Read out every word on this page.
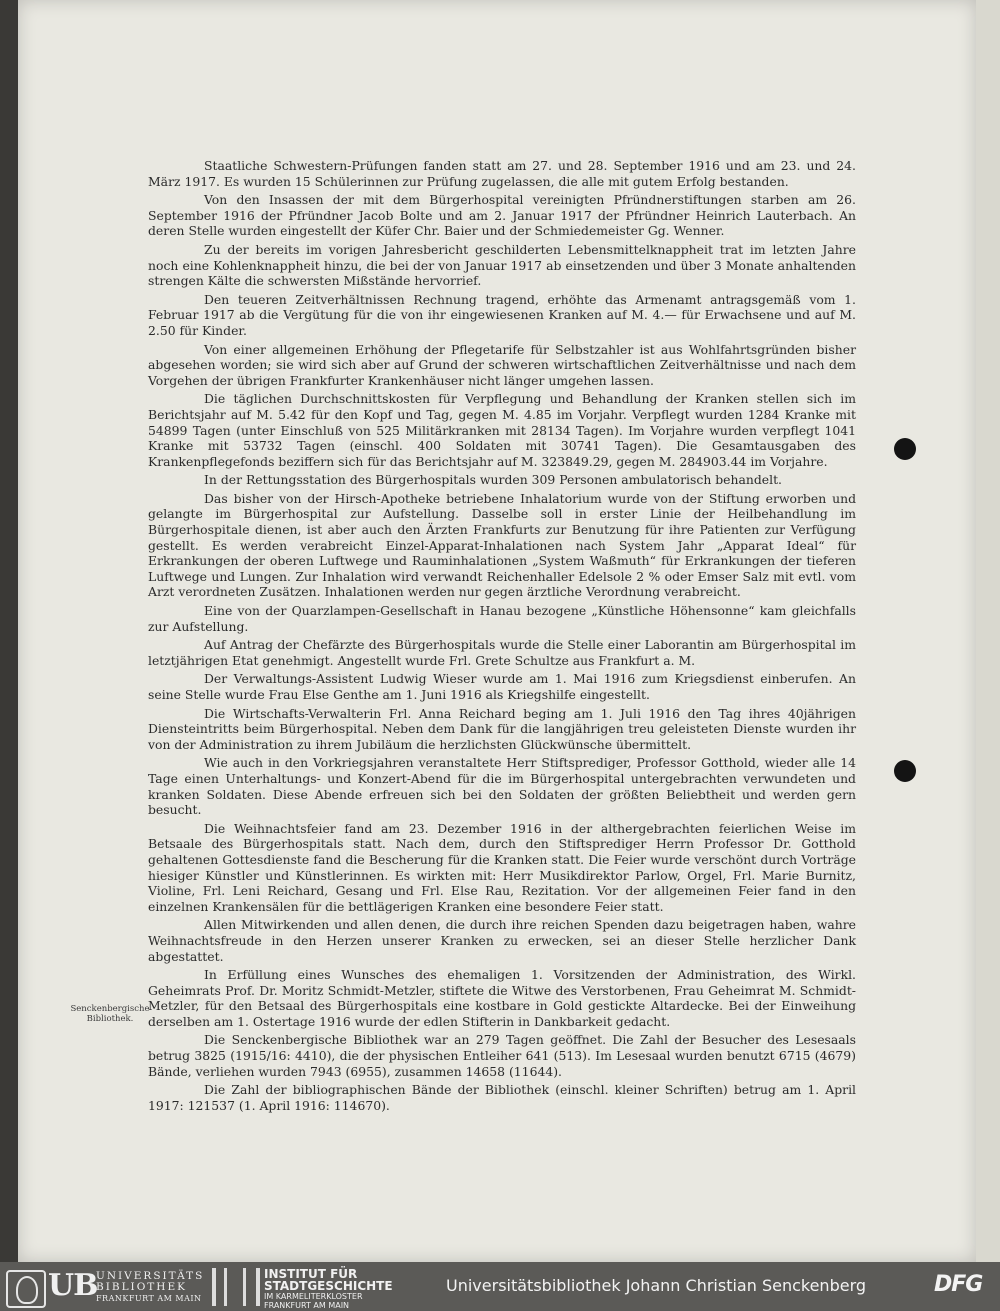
Staatliche Schwestern-Prüfungen fanden statt am 27. und 28. September 1916 und am 23. und 24. März 1917. Es wurden 15 Schülerinnen zur Prüfung zugelassen, die alle mit gutem Erfolg bestanden.

Von den Insassen der mit dem Bürgerhospital vereinigten Pfründnerstiftungen starben am 26. September 1916 der Pfründner Jacob Bolte und am 2. Januar 1917 der Pfründner Heinrich Lauterbach. An deren Stelle wurden eingestellt der Küfer Chr. Baier und der Schmiedemeister Gg. Wenner.

Zu der bereits im vorigen Jahresbericht geschilderten Lebensmittelknappheit trat im letzten Jahre noch eine Kohlenknappheit hinzu, die bei der von Januar 1917 ab einsetzenden und über 3 Monate anhaltenden strengen Kälte die schwersten Mißstände hervorrief.

Den teueren Zeitverhältnissen Rechnung tragend, erhöhte das Armenamt antragsgemäß vom 1. Februar 1917 ab die Vergütung für die von ihr eingewiesenen Kranken auf M. 4.— für Erwachsene und auf M. 2.50 für Kinder.

Von einer allgemeinen Erhöhung der Pflegetarife für Selbstzahler ist aus Wohlfahrtsgründen bisher abgesehen worden; sie wird sich aber auf Grund der schweren wirtschaftlichen Zeitverhältnisse und nach dem Vorgehen der übrigen Frankfurter Krankenhäuser nicht länger umgehen lassen.

Die täglichen Durchschnittskosten für Verpflegung und Behandlung der Kranken stellen sich im Berichtsjahr auf M. 5.42 für den Kopf und Tag, gegen M. 4.85 im Vorjahr. Verpflegt wurden 1284 Kranke mit 54899 Tagen (unter Einschluß von 525 Militärkranken mit 28134 Tagen). Im Vorjahre wurden verpflegt 1041 Kranke mit 53732 Tagen (einschl. 400 Soldaten mit 30741 Tagen). Die Gesamtausgaben des Krankenpflegefonds beziffern sich für das Berichtsjahr auf M. 323849.29, gegen M. 284903.44 im Vorjahre.

In der Rettungsstation des Bürgerhospitals wurden 309 Personen ambulatorisch behandelt.

Das bisher von der Hirsch-Apotheke betriebene Inhalatorium wurde von der Stiftung erworben und gelangte im Bürgerhospital zur Aufstellung. Dasselbe soll in erster Linie der Heilbehandlung im Bürgerhospitale dienen, ist aber auch den Ärzten Frankfurts zur Benutzung für ihre Patienten zur Verfügung gestellt. Es werden verabreicht Einzel-Apparat-Inhalationen nach System Jahr „Apparat Ideal“ für Erkrankungen der oberen Luftwege und Rauminhalationen „System Waßmuth“ für Erkrankungen der tieferen Luftwege und Lungen. Zur Inhalation wird verwandt Reichenhaller Edelsole 2 % oder Emser Salz mit evtl. vom Arzt verordneten Zusätzen. Inhalationen werden nur gegen ärztliche Verordnung verabreicht.

Eine von der Quarzlampen-Gesellschaft in Hanau bezogene „Künstliche Höhensonne“ kam gleichfalls zur Aufstellung.

Auf Antrag der Chefärzte des Bürgerhospitals wurde die Stelle einer Laborantin am Bürgerhospital im letztjährigen Etat genehmigt. Angestellt wurde Frl. Grete Schultze aus Frankfurt a. M.

Der Verwaltungs-Assistent Ludwig Wieser wurde am 1. Mai 1916 zum Kriegsdienst einberufen. An seine Stelle wurde Frau Else Genthe am 1. Juni 1916 als Kriegshilfe eingestellt.

Die Wirtschafts-Verwalterin Frl. Anna Reichard beging am 1. Juli 1916 den Tag ihres 40jährigen Diensteintritts beim Bürgerhospital. Neben dem Dank für die langjährigen treu geleisteten Dienste wurden ihr von der Administration zu ihrem Jubiläum die herzlichsten Glückwünsche übermittelt.

Wie auch in den Vorkriegsjahren veranstaltete Herr Stiftsprediger, Professor Gotthold, wieder alle 14 Tage einen Unterhaltungs- und Konzert-Abend für die im Bürgerhospital untergebrachten verwundeten und kranken Soldaten. Diese Abende erfreuen sich bei den Soldaten der größten Beliebtheit und werden gern besucht.

Die Weihnachtsfeier fand am 23. Dezember 1916 in der althergebrachten feierlichen Weise im Betsaale des Bürgerhospitals statt. Nach dem, durch den Stiftsprediger Herrn Professor Dr. Gotthold gehaltenen Gottesdienste fand die Bescherung für die Kranken statt. Die Feier wurde verschönt durch Vorträge hiesiger Künstler und Künstlerinnen. Es wirkten mit: Herr Musikdirektor Parlow, Orgel, Frl. Marie Burnitz, Violine, Frl. Leni Reichard, Gesang und Frl. Else Rau, Rezitation. Vor der allgemeinen Feier fand in den einzelnen Krankensälen für die bettlägerigen Kranken eine besondere Feier statt.

Allen Mitwirkenden und allen denen, die durch ihre reichen Spenden dazu beigetragen haben, wahre Weihnachtsfreude in den Herzen unserer Kranken zu erwecken, sei an dieser Stelle herzlicher Dank abgestattet.

In Erfüllung eines Wunsches des ehemaligen 1. Vorsitzenden der Administration, des Wirkl. Geheimrats Prof. Dr. Moritz Schmidt-Metzler, stiftete die Witwe des Verstorbenen, Frau Geheimrat M. Schmidt-Metzler, für den Betsaal des Bürgerhospitals eine kostbare in Gold gestickte Altardecke. Bei der Einweihung derselben am 1. Ostertage 1916 wurde der edlen Stifterin in Dankbarkeit gedacht.

Die Senckenbergische Bibliothek war an 279 Tagen geöffnet. Die Zahl der Besucher des Lesesaals betrug 3825 (1915/16: 4410), die der physischen Entleiher 641 (513). Im Lesesaal wurden benutzt 6715 (4679) Bände, verliehen wurden 7943 (6955), zusammen 14658 (11644).

Die Zahl der bibliographischen Bände der Bibliothek (einschl. kleiner Schriften) betrug am 1. April 1917: 121537 (1. April 1916: 114670).

Senckenbergische Bibliothek.
UB
UNIVERSITÄTS
BIBLIOTHEK
FRANKFURT AM MAIN
INSTITUT FÜR
STADTGESCHICHTE
IM KARMELITERKLOSTER
FRANKFURT AM MAIN
Universitätsbibliothek Johann Christian Senckenberg	DFG
